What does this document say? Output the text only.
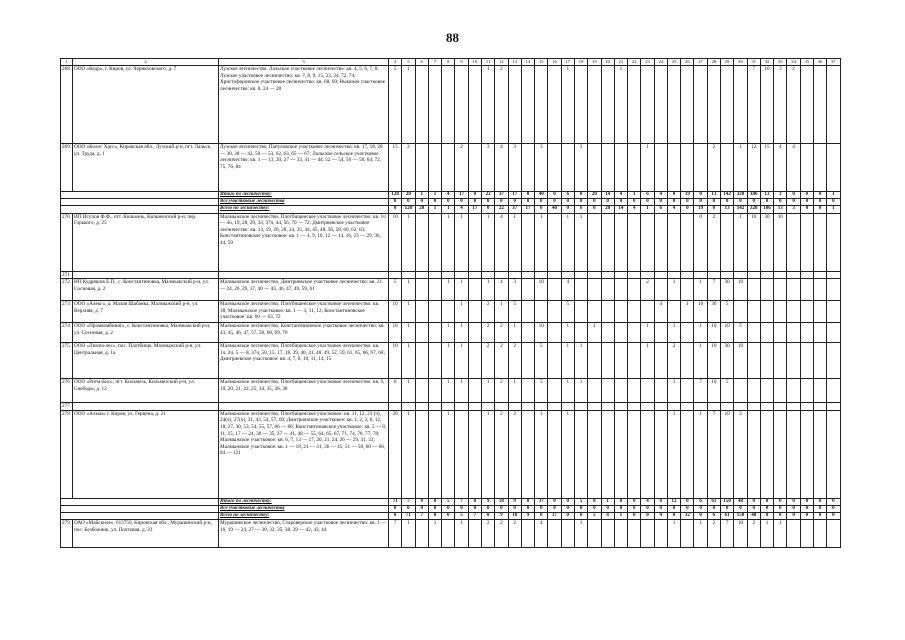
88
1	2	3	4	5	6	7	8	9	10	11	12	13	14	15	16	17	18	19	20	21	22	23	24	25	26	27	28	29	30	31	32	33	34	35	36	37	
268	ООО «Кедр», г. Киров, ул. Черняховского, д. 7	Лузское лесничество, Лальское участковое лесничество: кв. 4, 5, 6, 7, 8; Лузское участковое лесничество: кв. 7, 8, 9, 15, 23, 24, 72, 74; Христофоровское участковое лесничество: кв. 68, 69; Вымское участковое лесничество: кв. 8, 24 — 28	5	1						1	2					1				1										7	10	3	2						
269	ООО «Колос Хаус», Кировская обл., Лузский р-н, пгт. Лальск, ул. Труда, д. 1	Лузское лесничество, Папуловское участковое лесничество: кв. 17, 18, 28 — 30, 38 — 42, 50 — 53, 62, 63, 65 — 67; Лальское сельское участковое лесничество: кв. 1 — 13, 20, 27 — 33, 41 — 44, 52 — 54, 56 — 58, 64, 72, 75, 76, 84	15	2				2		3	4	3		3			3					1					2		1	12	15	4	4						
		Итого по лесничеству:	128	20	1	1	4	17	0	22	37	17	0	40	0	6	0	20	14	4	1	6	4	0	19	0	13	142	320	186	13	3	0	0	0	1	
		Все участковые лесничества	0	0	0	0	0	0	0	0	0	0	0	0	0	0	0	0	0	0	0	0	0	0	0	0	0	0	0	0	0	0	0	0	0	0	
		Всего по лесничеству:	0	128	20	1	1	4	17	0	22	37	17	0	40	0	6	0	20	14	4	1	6	4	0	19	0	13	142	320	186	13	3	0	0	1	
270	ИП Исупов Ф.Ф., пгт. Кильмезь, Кильмезский р-н, пер. Горького, д. 25	Малмыжское лесничество, Плотбищенское участковое лесничество: кв. 1ч — 4ч, 19, 28, 29, 33, 37ч, 44, 56, 70 — 72; Дмитриевское участковое лесничество: кв. 13, 19, 20, 28, 34, 35, 44, 45, 48, 56, 58, 60, 62, 63; Константиновское участковое: кв. 1 — 4, 9, 10, 12 — 14, 16, 23 — 29, 36, 44, 59	10	1			1	1		1	4	1		1		1	1									0	2		1	10	30	10							
271																																					
272	ИП Кудряшов Е.П., с. Константиновка, Малмыжский р-н, ул. Сосновая, д. 2	Малмыжское лесничество, Дмитриевское участковое лесничество: кв. 21 — 24, 26, 29, 37, 40 — 43, 46, 47, 49, 59, 61	5	1			1	1		1	4	3		10		4						2		1		1	7	30	10										
273	ООО «Алекс», д. Малая Шабанка, Малмыжский р-н, ул. Верхняя, д. 7	Малмыжское лесничество, Плотбищенское участковое лесничество: кв. 38; Малмыжское участковое: кв. 1 — 3, 11, 12; Константиновское участковое: кв. 60 — 63, 72	10	1				1		2	1	5				5							4		1	10	30	5											
274	ООО «Промкомбинат», с. Константиновка, Малмыжский р-н, ул. Сосновая, д. 2	Малмыжское лесничество, Константиновское участковое лесничество: кв. 43, 45, 46, 47, 57, 58, 68, 69, 70	10	1			1	1		2	2	1		10		1		1				1		1		1	10	10	5										
275	ООО «Лимпа-лес», пос. Плотбище, Малмыжский р-н, ул. Центральная, д. 1а	Малмыжское лесничество, Плотбищенское участковое лесничество: кв. 1ч, 2ч, 5 — 8, 37ч, 50, 15, 17, 18, 39, 40, 41, 48, 49, 52, 59, 61, 65, 66, 67, 68; Дмитриевское участковое: кв. 4, 7, 8, 10, 11, 14, 15	10	1			1	1		2	2	2		5		1	1					1		2		1	10	30	10										
276	ООО «Ритм-Бис», пгт. Кильмезь, Кильмезский р-н, ул. Свободы, д. 12	Малмыжское лесничество, Плотбищенское участковое лесничество: кв. 9, 10, 20, 21, 22, 25, 34, 35, 36, 38	6	1			1	1		1	2	1		5		1	1							1		7	10	5											
277																																					
278	ООО «Алмаз» г. Киров, ул. Герцена, д. 21	Малмыжское лесничество, Плотбищенское участковое: кв. 11, 12, 23 (ч), 24(ч), 27(ч), 31, 43, 54, 57, 69; Дмитриевское участковое: кв. 1, 2, 3, 6, 12, 18, 27, 30, 53, 54, 55, 57, 66 — 80; Константиновское участковое: кв. 5 — 8, 11, 15, 17 — 24, 30 — 35, 37 — 41, 48 — 55, 64, 65, 67, 71, 74, 76, 77, 78; Малмыжское участковое: кв. 6, 7, 13 — 17, 20, 21, 24, 26 — 29, 31, 33; Малмыжское участковое: кв. 1 — 18, 21 — 31, 36 — 45, 51 — 58, 60 — 66, 84 — 121	20	1			1			1	2	2		1		1								1		1	7	10	3										
		Итого по лесничеству:	71	7	0	0	5	7	0	9	18	9	0	37	0	0	5	8	1	0	0	4	0	12	0	6	61	150	48	0	0	0	0	0	0	0	
		Все участковые лесничества	0	0	0	0	0	0	0	0	0	0	0	0	0	0	0	0	0	0	0	0	0	0	0	0	0	0	0	0	0	0	0	0	0	0	
		Всего по лесничеству:	0	71	7	0	0	5	7	0	9	18	9	0	37	0	0	5	8	1	0	0	4	0	12	0	6	61	150	48	0	0	0	0	0	0	
279	ОАО «Майскиле», 613750, Кировская обл., Мурашинский р-н, пос. Безбожник, ул. Почтовая, д. 23	Мурашинское лесничество, Староверское участковое лесничество: кв. 1 — 16, 19 — 24, 27 — 30, 32, 35, 38, 39 — 42, 43, 44	7	1		1		1		2	2	2		4			1							1		1	2	7	10	2	1	1							
